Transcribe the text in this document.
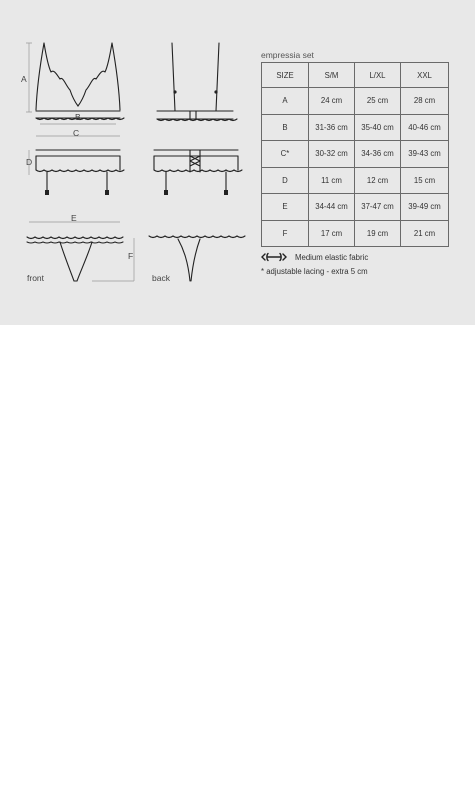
A
B
C
D
E
F
front	back
empressia set
SIZE	S/M	L/XL	XXL
A	24 cm	25 cm	28 cm
B	31-36 cm	35-40 cm	40-46 cm
C*	30-32 cm	34-36 cm	39-43 cm
D	11 cm	12 cm	15 cm
E	34-44 cm	37-47 cm	39-49 cm
F	17 cm	19 cm	21 cm
Medium elastic fabric
* adjustable lacing - extra 5 cm
